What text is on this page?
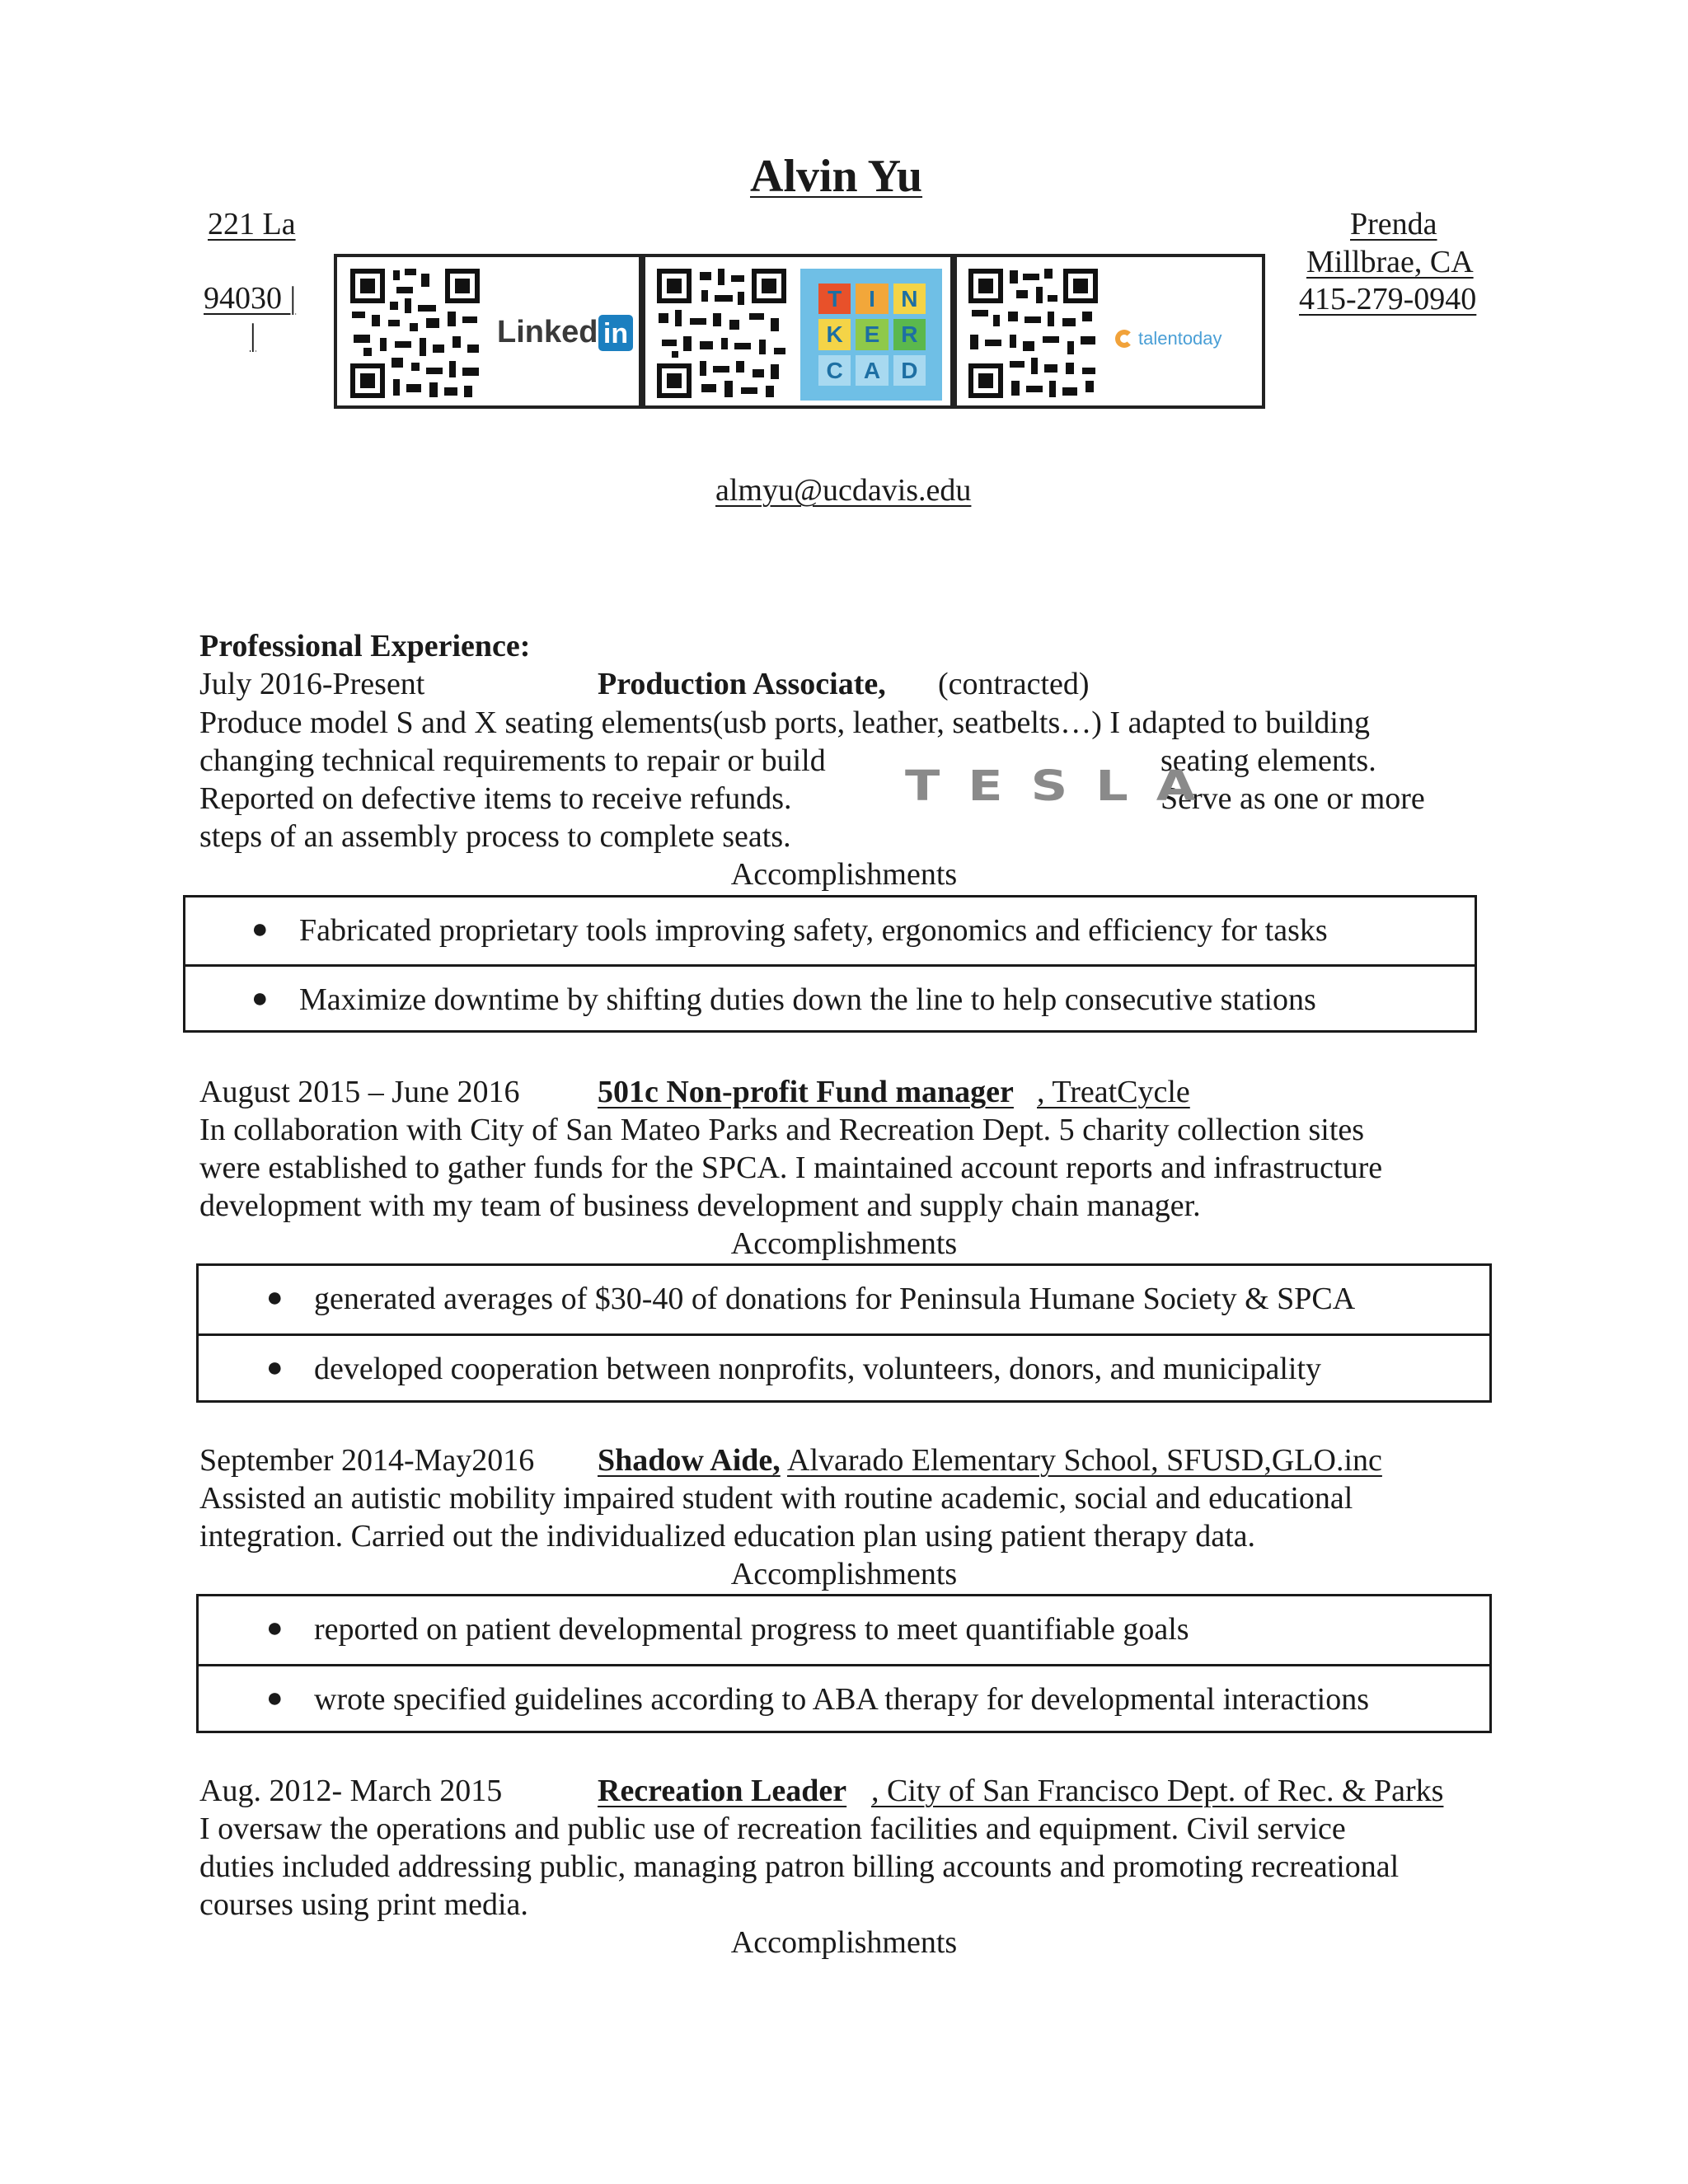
Alvin Yu
221 La
94030 |
|
Prenda
Millbrae, CA
415-279-0940
Linked in
T	I	N
K E R
C A D
talentoday
almyu@ucdavis.edu
Professional Experience:
July 2016-Present	Production Associate, (contracted)
Produce model S and X seating elements(usb ports, leather, seatbelts…) I adapted to building
changing technical requirements to repair or build	seating elements.
Reported on defective items to receive refunds.	Serve as one or more
steps of an assembly process to complete seats.
TESLA
Accomplishments
● Fabricated proprietary tools improving safety, ergonomics and efficiency for tasks
● Maximize downtime by shifting duties down the line to help consecutive stations
August 2015 – June 2016 501c Non-profit Fund manager , TreatCycle
In collaboration with City of San Mateo Parks and Recreation Dept. 5 charity collection sites
were established to gather funds for the SPCA. I maintained account reports and infrastructure
development with my team of business development and supply chain manager.
Accomplishments
● generated averages of $30-40 of donations for Peninsula Humane Society & SPCA
● developed cooperation between nonprofits, volunteers, donors, and municipality
September 2014-May2016 Shadow Aide, Alvarado Elementary School, SFUSD,GLO.inc
Assisted an autistic mobility impaired student with routine academic, social and educational
integration. Carried out the individualized education plan using patient therapy data.
Accomplishments
● reported on patient developmental progress to meet quantifiable goals
● wrote specified guidelines according to ABA therapy for developmental interactions
Aug. 2012- March 2015	Recreation Leader , City of San Francisco Dept. of Rec. & Parks
I oversaw the operations and public use of recreation facilities and equipment. Civil service
duties included addressing public, managing patron billing accounts and promoting recreational
courses using print media.
Accomplishments
